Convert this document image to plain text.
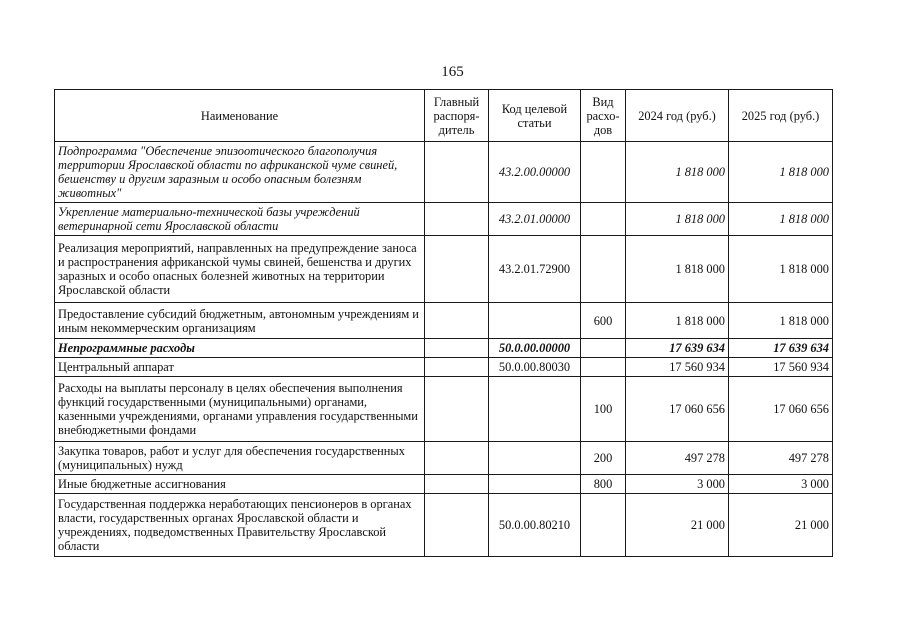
165
Наименование	Главный распоря-дитель	Код целевой статьи	Вид расхо-дов	2024 год (руб.)	2025 год (руб.)
Подпрограмма "Обеспечение эпизоотического благополучия территории Ярославской области по африканской чуме свиней, бешенству и другим заразным и особо опасным болезням животных"		43.2.00.00000		1 818 000	1 818 000
Укрепление материально-технической базы учреждений ветеринарной сети Ярославской области		43.2.01.00000		1 818 000	1 818 000
Реализация мероприятий, направленных на предупреждение заноса и распространения африканской чумы свиней, бешенства и других заразных и особо опасных болезней животных на территории Ярославской области		43.2.01.72900		1 818 000	1 818 000
Предоставление субсидий бюджетным, автономным учреждениям и иным некоммерческим организациям			600	1 818 000	1 818 000
Непрограммные расходы		50.0.00.00000		17 639 634	17 639 634
Центральный аппарат		50.0.00.80030		17 560 934	17 560 934
Расходы на выплаты персоналу в целях обеспечения выполнения функций государственными (муниципальными) органами, казенными учреждениями, органами управления государственными внебюджетными фондами			100	17 060 656	17 060 656
Закупка товаров, работ и услуг для обеспечения государственных (муниципальных) нужд			200	497 278	497 278
Иные бюджетные ассигнования			800	3 000	3 000
Государственная поддержка неработающих пенсионеров в органах власти, государственных органах Ярославской области и учреждениях, подведомственных Правительству Ярославской области		50.0.00.80210		21 000	21 000
